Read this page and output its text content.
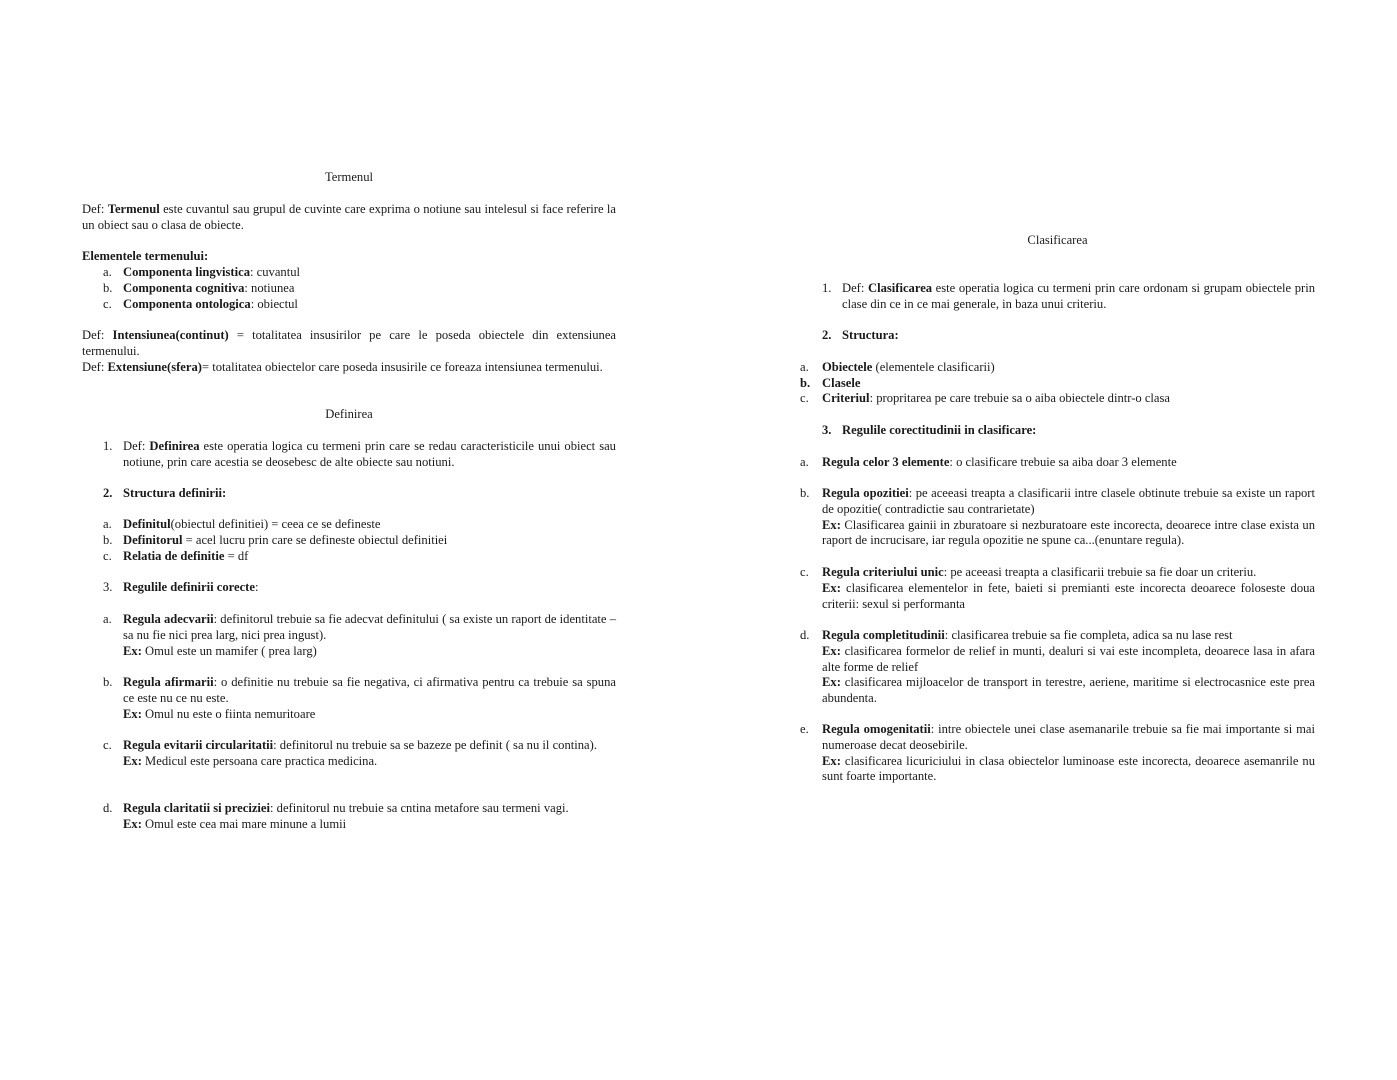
Termenul
Def: Termenul este cuvantul sau grupul de cuvinte care exprima o notiune sau intelesul si face referire la un obiect sau o clasa de obiecte.
Elementele termenului:
a. Componenta lingvistica: cuvantul
b. Componenta cognitiva: notiunea
c. Componenta ontologica: obiectul
Def: Intensiunea(continut) = totalitatea insusirilor pe care le poseda obiectele din extensiunea termenului.
Def: Extensiune(sfera)= totalitatea obiectelor care poseda insusirile ce foreaza intensiunea termenului.
Definirea
1. Def: Definirea este operatia logica cu termeni prin care se redau caracteristicile unui obiect sau notiune, prin care acestia se deosebesc de alte obiecte sau notiuni.
2. Structura definirii:
a. Definitul(obiectul definitiei) = ceea ce se defineste
b. Definitorul = acel lucru prin care se defineste obiectul definitiei
c. Relatia de definitie = df
3. Regulile definirii corecte:
a. Regula adecvarii: definitorul trebuie sa fie adecvat definitului ( sa existe un raport de identitate – sa nu fie nici prea larg, nici prea ingust).
Ex: Omul este un mamifer ( prea larg)
b. Regula afirmarii: o definitie nu trebuie sa fie negativa, ci afirmativa pentru ca trebuie sa spuna ce este nu ce nu este.
Ex: Omul nu este o fiinta nemuritoare
c. Regula evitarii circularitatii: definitorul nu trebuie sa se bazeze pe definit ( sa nu il contina).
Ex: Medicul este persoana care practica medicina.
d. Regula claritatii si preciziei: definitorul nu trebuie sa cntina metafore sau termeni vagi.
Ex: Omul este cea mai mare minune a lumii
Clasificarea
1. Def: Clasificarea este operatia logica cu termeni prin care ordonam si grupam obiectele prin clase din ce in ce mai generale, in baza unui criteriu.
2. Structura:
a. Obiectele (elementele clasificarii)
b. Clasele
c. Criteriul: propritarea pe care trebuie sa o aiba obiectele dintr-o clasa
3. Regulile corectitudinii in clasificare:
a. Regula celor 3 elemente: o clasificare trebuie sa aiba doar 3 elemente
b. Regula opozitiei: pe aceeasi treapta a clasificarii intre clasele obtinute trebuie sa existe un raport de opozitie( contradictie sau contrarietate)
Ex: Clasificarea gainii in zburatoare si nezburatoare este incorecta, deoarece intre clase exista un raport de incrucisare, iar regula opozitie ne spune ca...(enuntare regula).
c. Regula criteriului unic: pe aceeasi treapta a clasificarii trebuie sa fie doar un criteriu.
Ex: clasificarea elementelor in fete, baieti si premianti este incorecta deoarece foloseste doua criterii: sexul si performanta
d. Regula completitudinii: clasificarea trebuie sa fie completa, adica sa nu lase rest
Ex: clasificarea formelor de relief in munti, dealuri si vai este incompleta, deoarece lasa in afara alte forme de relief
Ex: clasificarea mijloacelor de transport in terestre, aeriene, maritime si electrocasnice este prea abundenta.
e. Regula omogenitatii: intre obiectele unei clase asemanarile trebuie sa fie mai importante si mai numeroase decat deosebirile.
Ex: clasificarea licuriciului in clasa obiectelor luminoase este incorecta, deoarece asemanrile nu sunt foarte importante.
